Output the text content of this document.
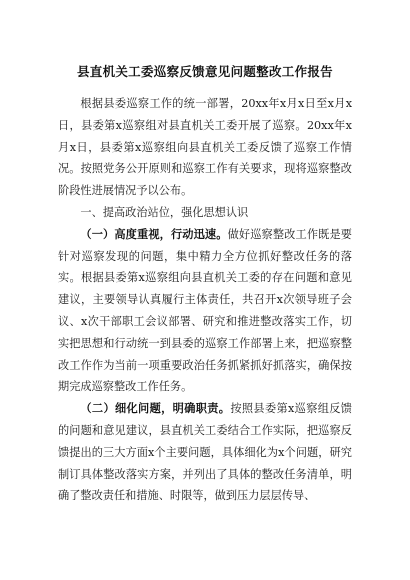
县直机关工委巡察反馈意见问题整改工作报告

根据县委巡察工作的统一部署，20xx年x月x日至x月x日，县委第x巡察组对县直机关工委开展了巡察。20xx年x月x日，县委第x巡察组向县直机关工委反馈了巡察工作情况。按照党务公开原则和巡察工作有关要求，现将巡察整改阶段性进展情况予以公布。

一、提高政治站位，强化思想认识

（一）高度重视，行动迅速。做好巡察整改工作既是要针对巡察发现的问题，集中精力全方位抓好整改任务的落实。根据县委第x巡察组向县直机关工委的存在问题和意见建议，主要领导认真履行主体责任，共召开x次领导班子会议、x次干部职工会议部署、研究和推进整改落实工作，切实把思想和行动统一到县委的巡察工作部署上来，把巡察整改工作作为当前一项重要政治任务抓紧抓好抓落实，确保按期完成巡察整改工作任务。

（二）细化问题，明确职责。按照县委第x巡察组反馈的问题和意见建议，县直机关工委结合工作实际，把巡察反馈提出的三大方面x个主要问题，具体细化为x个问题，研究制订具体整改落实方案，并列出了具体的整改任务清单，明确了整改责任和措施、时限等，做到压力层层传导、
